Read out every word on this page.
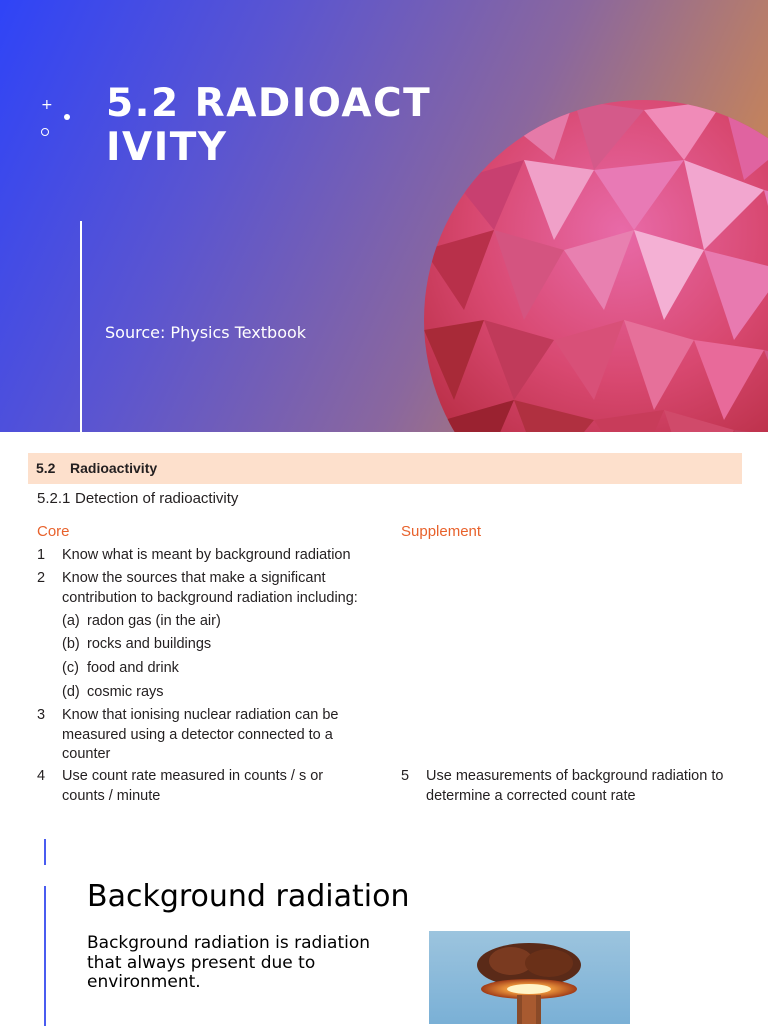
+ 5.2 RADIOACTIVITY
Source: Physics Textbook
5.2 Radioactivity
5.2.1 Detection of radioactivity
Core	Supplement
1 Know what is meant by background radiation
2 Know the sources that make a significant contribution to background radiation including:
(a) radon gas (in the air)
(b) rocks and buildings
(c) food and drink
(d) cosmic rays
3 Know that ionising nuclear radiation can be measured using a detector connected to a counter
4 Use count rate measured in counts / s or counts / minute
5 Use measurements of background radiation to determine a corrected count rate
Background radiation

Background radiation is radiation that always present due to environment.
